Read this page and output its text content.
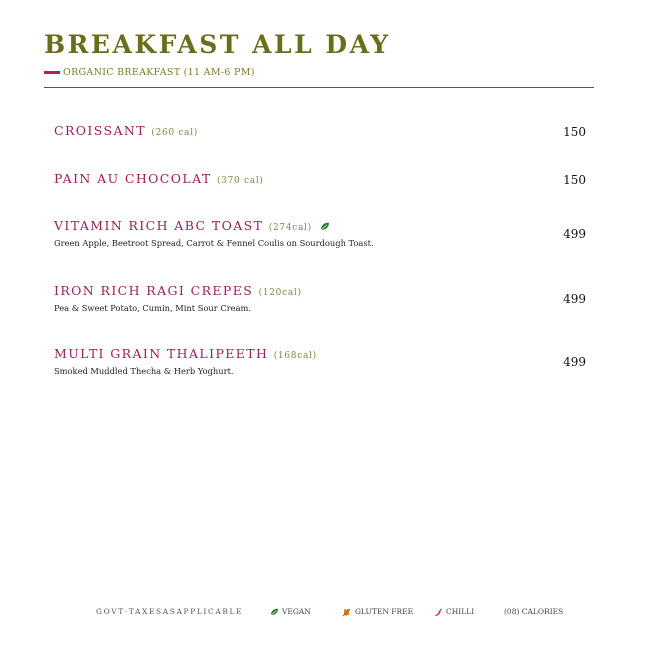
BREAKFAST ALL DAY
ORGANIC BREAKFAST (11 AM-6 PM)
CROISSANT (260 cal)	150
PAIN AU CHOCOLAT (370 cal)	150
VITAMIN RICH ABC TOAST (274cal)
Green Apple, Beetroot Spread, Carrot & Fennel Coulis on Sourdough Toast.
499
IRON RICH RAGI CREPES (120cal)
Pea & Sweet Potato, Cumin, Mint Sour Cream.
499
MULTI GRAIN THALIPEETH (168cal)
Smoked Muddled Thecha & Herb Yoghurt.
499
GOVT·TAXESASAPPLICABLE	VEGAN	GLUTEN FREE	CHILLI	(08) CALORIES
